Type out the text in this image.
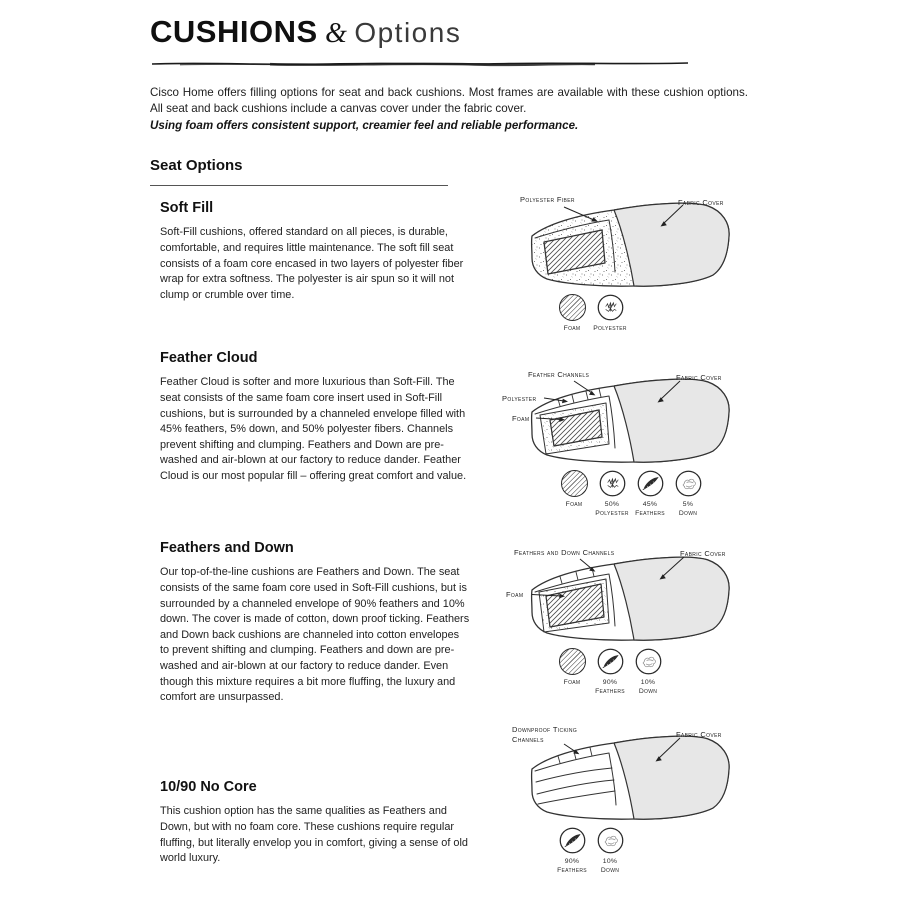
CUSHIONS & Options
Cisco Home offers filling options for seat and back cushions. Most frames are available with these cushion options. All seat and back cushions include a canvas cover under the fabric cover.
Using foam offers consistent support, creamier feel and reliable performance.
Seat Options
Soft Fill
Soft-Fill cushions, offered standard on all pieces, is durable, comfortable, and requires little maintenance. The soft fill seat consists of a foam core encased in two layers of polyester fiber wrap for extra softness. The polyester is air spun so it will not clump or crumble over time.
Polyester Fiber	Fabric Cover
Foam Polyester
Feather Cloud
Feather Cloud is softer and more luxurious than Soft-Fill. The seat consists of the same foam core insert used in Soft-Fill cushions, but is surrounded by a channeled envelope filled with 45% feathers, 5% down, and 50% polyester fibers. Channels prevent shifting and clumping. Feathers and Down are pre-washed and air-blown at our factory to reduce dander. Feather Cloud is our most popular fill – offering great comfort and value.
Feather Channels	Fabric Cover
Polyester
Foam
Foam	50%
Polyester
45%
Feathers
5%
Down
Feathers and Down
Our top-of-the-line cushions are Feathers and Down. The seat consists of the same foam core used in Soft-Fill cushions, but is surrounded by a channeled envelope of 90% feathers and 10% down. The cover is made of cotton, down proof ticking. Feathers and Down back cushions are channeled into cotton envelopes to prevent shifting and clumping. Feathers and down are pre-washed and air-blown at our factory to reduce dander. Even though this mixture requires a bit more fluffing, the luxury and comfort are unsurpassed.
Feathers and Down Channels	Fabric Cover
Foam
Foam	90%
Feathers
10%
Down
10/90 No Core
This cushion option has the same qualities as Feathers and Down, but with no foam core. These cushions require regular fluffing, but literally envelop you in comfort, giving a sense of old world luxury.
Downproof Ticking Channels	Fabric Cover
90%
Feathers
10%
Down
